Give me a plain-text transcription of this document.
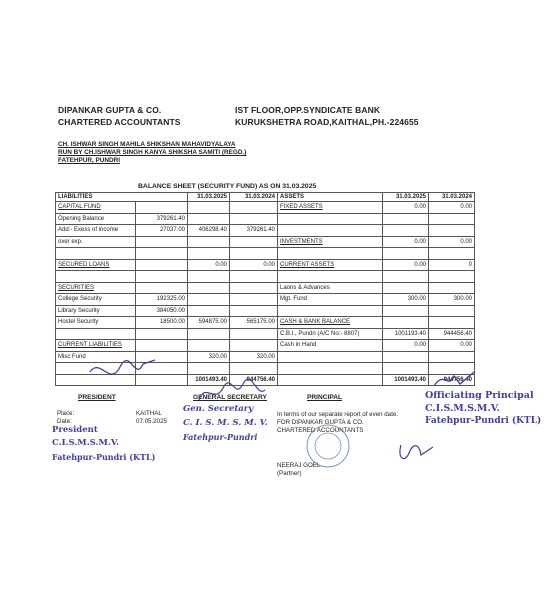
DIPANKAR GUPTA & CO.
CHARTERED ACCOUNTANTS
IST FLOOR,OPP.SYNDICATE BANK
KURUKSHETRA ROAD,KAITHAL,PH.-224655
CH. ISHWAR SINGH MAHILA SHIKSHAN MAHAVIDYALAYA
RUN BY CH.ISHWAR SINGH KANYA SHIKSHA SAMITI (REGD.)
FATEHPUR, PUNDRI
BALANCE SHEET (SECURITY FUND) AS ON 31.03.2025
LIABILITIES		31.03.2025	31.03.2024	ASSETS	31.03.2025	31.03.2024
CAPITAL FUND				FIXED ASSETS	0.00	0.00
Opening Balance	379261.40					
Add:- Exess of income	27037.00	406298.40	379261.40			
over exp.				INVESTMENTS	0.00	0.00

SECURED LOANS		0.00	0.00	CURRENT ASSETS	0.00	0

SECURITIES				Laons & Advances		
College Security	192325.00			Mgt. Fund	300.00	300.00
Library Security	384050.00					
Hostel Security	18500.00	594875.00	565175.00	CASH & BANK BALANCE		
				C.B.I., Pundri (A/C No:- 8807)	1001193.40	944456.40
CURRENT LIABILITIES				Cash in Hand	0.00	0.00
Misc Fund		320.00	320.00			

		1001493.40	944756.40		1001493.40	944756.40
PRESIDENT	GENERAL SECRETARY	PRINCIPAL
Place:	KAITHAL
Date:	07.05.2025
In terms of our separate report of even date.
FOR DIPANKAR GUPTA & CO.
CHARTERED ACCOUNTANTS
NEERAJ GOEL
(Partner)
President
C.I.S.M.S.M.V.
Fatehpur-Pundri (KTL)
Gen. Secretary
C. I. S. M. S. M. V.
Fatehpur-Pundri
Officiating Principal
C.I.S.M.S.M.V.
Fatehpur-Pundri (KTL)
